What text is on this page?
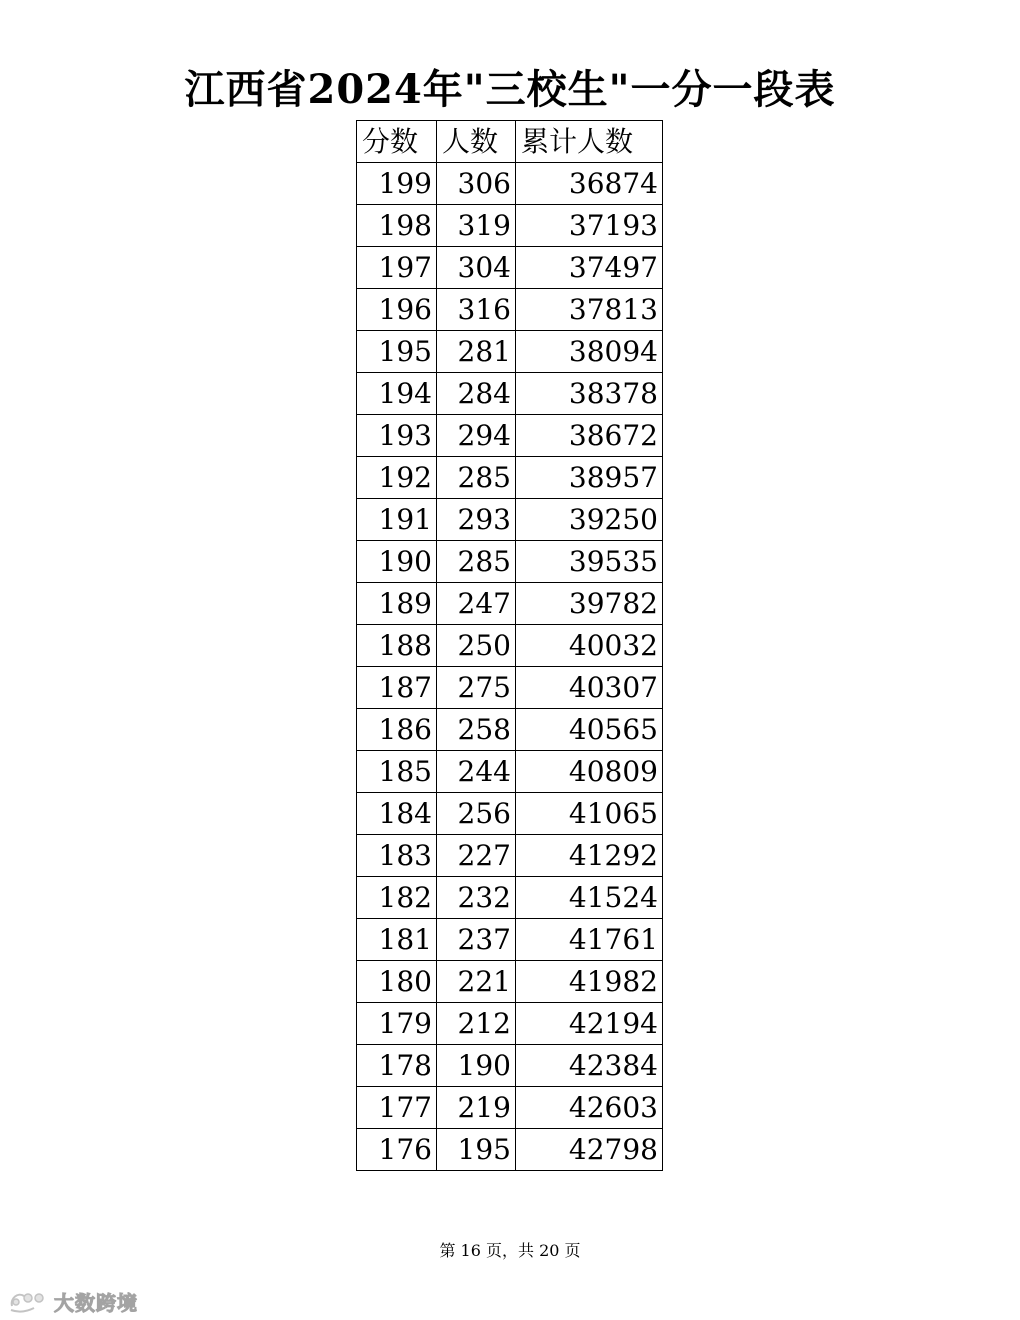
江西省2024年"三校生"一分一段表
分数	人数	累计人数
199	306	36874
198	319	37193
197	304	37497
196	316	37813
195	281	38094
194	284	38378
193	294	38672
192	285	38957
191	293	39250
190	285	39535
189	247	39782
188	250	40032
187	275	40307
186	258	40565
185	244	40809
184	256	41065
183	227	41292
182	232	41524
181	237	41761
180	221	41982
179	212	42194
178	190	42384
177	219	42603
176	195	42798
第 16 页，共 20 页
大数跨境
